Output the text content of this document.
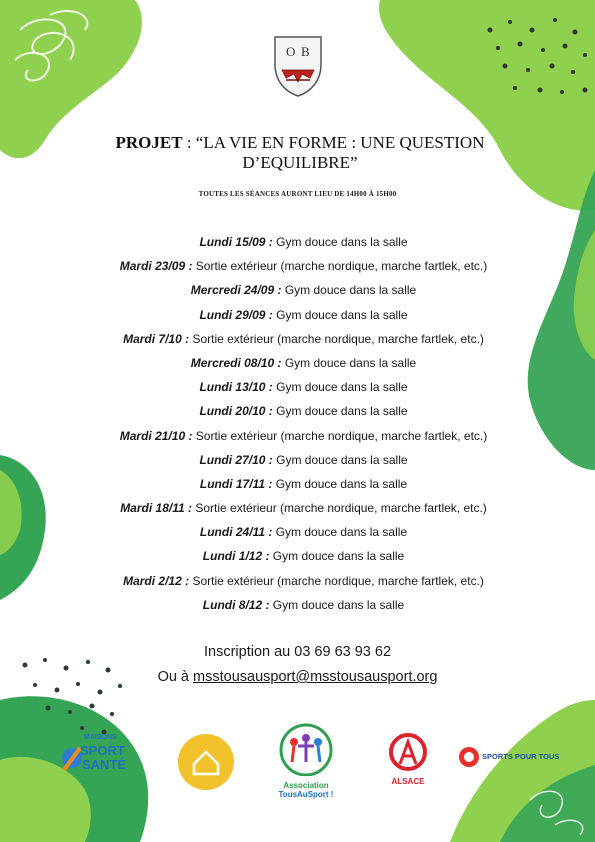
O B
PROJET : “LA VIE EN FORME : UNE QUESTION D’EQUILIBRE”
TOUTES LES SÉANCES AURONT LIEU DE 14H00 À 15H00
Lundi 15/09 : Gym douce dans la salle
Mardi 23/09 : Sortie extérieur (marche nordique, marche fartlek, etc.)
Mercredi 24/09 : Gym douce dans la salle
Lundi 29/09 : Gym douce dans la salle
Mardi 7/10 : Sortie extérieur (marche nordique, marche fartlek, etc.)
Mercredi 08/10 : Gym douce dans la salle
Lundi 13/10 : Gym douce dans la salle
Lundi 20/10 : Gym douce dans la salle
Mardi 21/10 : Sortie extérieur (marche nordique, marche fartlek, etc.)
Lundi 27/10 : Gym douce dans la salle
Lundi 17/11 : Gym douce dans la salle
Mardi 18/11 : Sortie extérieur (marche nordique, marche fartlek, etc.)
Lundi 24/11 : Gym douce dans la salle
Lundi 1/12 : Gym douce dans la salle
Mardi 2/12 : Sortie extérieur (marche nordique, marche fartlek, etc.)
Lundi 8/12 : Gym douce dans la salle
Inscription au 03 69 63 93 62
Ou à msstousausport@msstousausport.org
MAISONS
SPORT
SANTÉ
Association
TousAuSport !
ALSACE
SPORTS POUR TOUS
